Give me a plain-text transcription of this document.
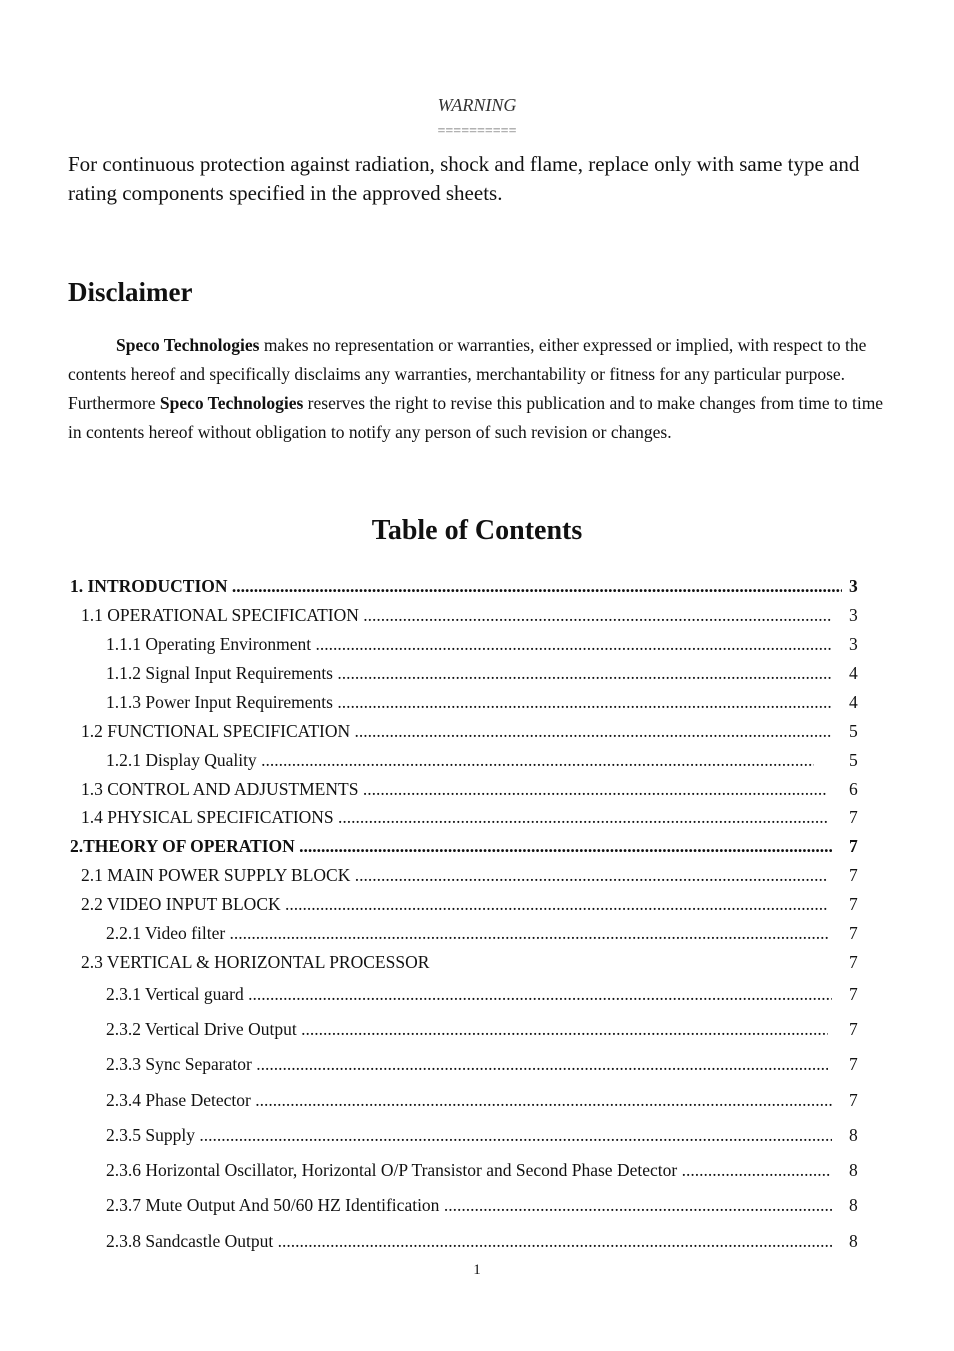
WARNING
==========
For continuous protection against radiation, shock and flame, replace only with same type and rating components specified in the approved sheets.
Disclaimer
Speco Technologies makes no representation or warranties, either expressed or implied, with respect to the contents hereof and specifically disclaims any warranties, merchantability or fitness for any particular purpose. Furthermore Speco Technologies reserves the right to revise this publication and to make changes from time to time in contents hereof without obligation to notify any person of such revision or changes.
Table of Contents
1. INTRODUCTION .....	3
1.1 OPERATIONAL SPECIFICATION .....	3
1.1.1 Operating Environment .....	3
1.1.2 Signal Input Requirements .....	4
1.1.3 Power Input Requirements .....	4
1.2 FUNCTIONAL SPECIFICATION .....	5
1.2.1 Display Quality .....	5
1.3 CONTROL AND ADJUSTMENTS .....	6
1.4 PHYSICAL SPECIFICATIONS .....	7
2.THEORY OF OPERATION .....	7
2.1 MAIN POWER SUPPLY BLOCK .....	7
2.2 VIDEO INPUT BLOCK .....	7
2.2.1 Video filter .....	7
2.3 VERTICAL & HORIZONTAL PROCESSOR	7
2.3.1 Vertical guard .....	7
2.3.2 Vertical Drive Output .....	7
2.3.3 Sync Separator .....	7
2.3.4 Phase Detector .....	7
2.3.5 Supply .....	8
2.3.6 Horizontal Oscillator, Horizontal O/P Transistor and Second Phase Detector .....	8
2.3.7 Mute Output And 50/60 HZ Identification .....	8
2.3.8 Sandcastle Output .....	8
1
